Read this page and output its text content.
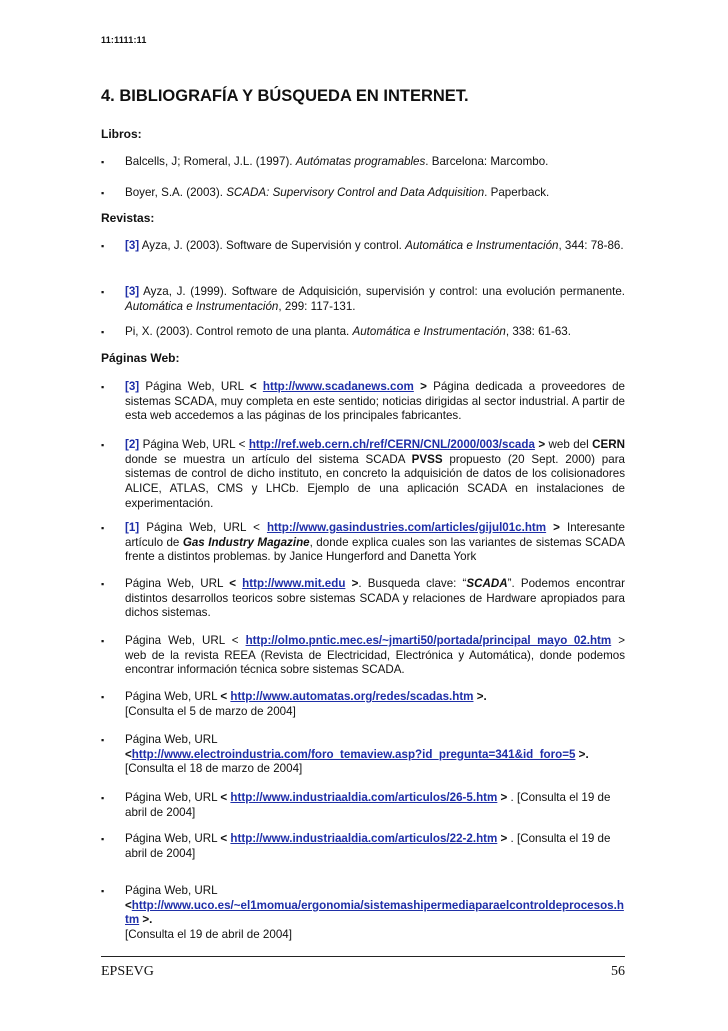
11:1111:11
4. BIBLIOGRAFÍA Y BÚSQUEDA EN INTERNET.
Libros:
▪ Balcells, J; Romeral, J.L. (1997). Autómatas programables. Barcelona: Marcombo.
▪ Boyer, S.A. (2003). SCADA: Supervisory Control and Data Adquisition. Paperback.
Revistas:
▪ [3] Ayza, J. (2003). Software de Supervisión y control. Automática e Instrumentación, 344: 78-86.
▪ [3] Ayza, J. (1999). Software de Adquisición, supervisión y control: una evolución permanente. Automática e Instrumentación, 299: 117-131.
▪ Pi, X. (2003). Control remoto de una planta. Automática e Instrumentación, 338: 61-63.
Páginas Web:
▪ [3] Página Web, URL < http://www.scadanews.com > Página dedicada a proveedores de sistemas SCADA, muy completa en este sentido; noticias dirigidas al sector industrial. A partir de esta web accedemos a las páginas de los principales fabricantes.
▪ [2] Página Web, URL < http://ref.web.cern.ch/ref/CERN/CNL/2000/003/scada > web del CERN donde se muestra un artículo del sistema SCADA PVSS propuesto (20 Sept. 2000) para sistemas de control de dicho instituto, en concreto la adquisición de datos de los colisionadores ALICE, ATLAS, CMS y LHCb. Ejemplo de una aplicación SCADA en instalaciones de experimentación.
▪ [1] Página Web, URL < http://www.gasindustries.com/articles/gijul01c.htm > Interesante artículo de Gas Industry Magazine, donde explica cuales son las variantes de sistemas SCADA frente a distintos problemas. by Janice Hungerford and Danetta York
▪ Página Web, URL < http://www.mit.edu >. Busqueda clave: “SCADA”. Podemos encontrar distintos desarrollos teoricos sobre sistemas SCADA y relaciones de Hardware apropiados para dichos sistemas.
▪ Página Web, URL < http://olmo.pntic.mec.es/~jmarti50/portada/principal_mayo_02.htm > web de la revista REEA (Revista de Electricidad, Electrónica y Automática), donde podemos encontrar información técnica sobre sistemas SCADA.
▪ Página Web, URL < http://www.automatas.org/redes/scadas.htm >.
[Consulta el 5 de marzo de 2004]
▪ Página Web, URL
<http://www.electroindustria.com/foro_temaview.asp?id_pregunta=341&id_foro=5 >.
[Consulta el 18 de marzo de 2004]
▪ Página Web, URL < http://www.industriaaldia.com/articulos/26-5.htm > . [Consulta el 19 de abril de 2004]
▪ Página Web, URL < http://www.industriaaldia.com/articulos/22-2.htm > . [Consulta el 19 de abril de 2004]
▪ Página Web, URL
<http://www.uco.es/~el1momua/ergonomia/sistemashipermediaparaelcontroldeprocesos.htm >.
[Consulta el 19 de abril de 2004]
EPSEVG	56
